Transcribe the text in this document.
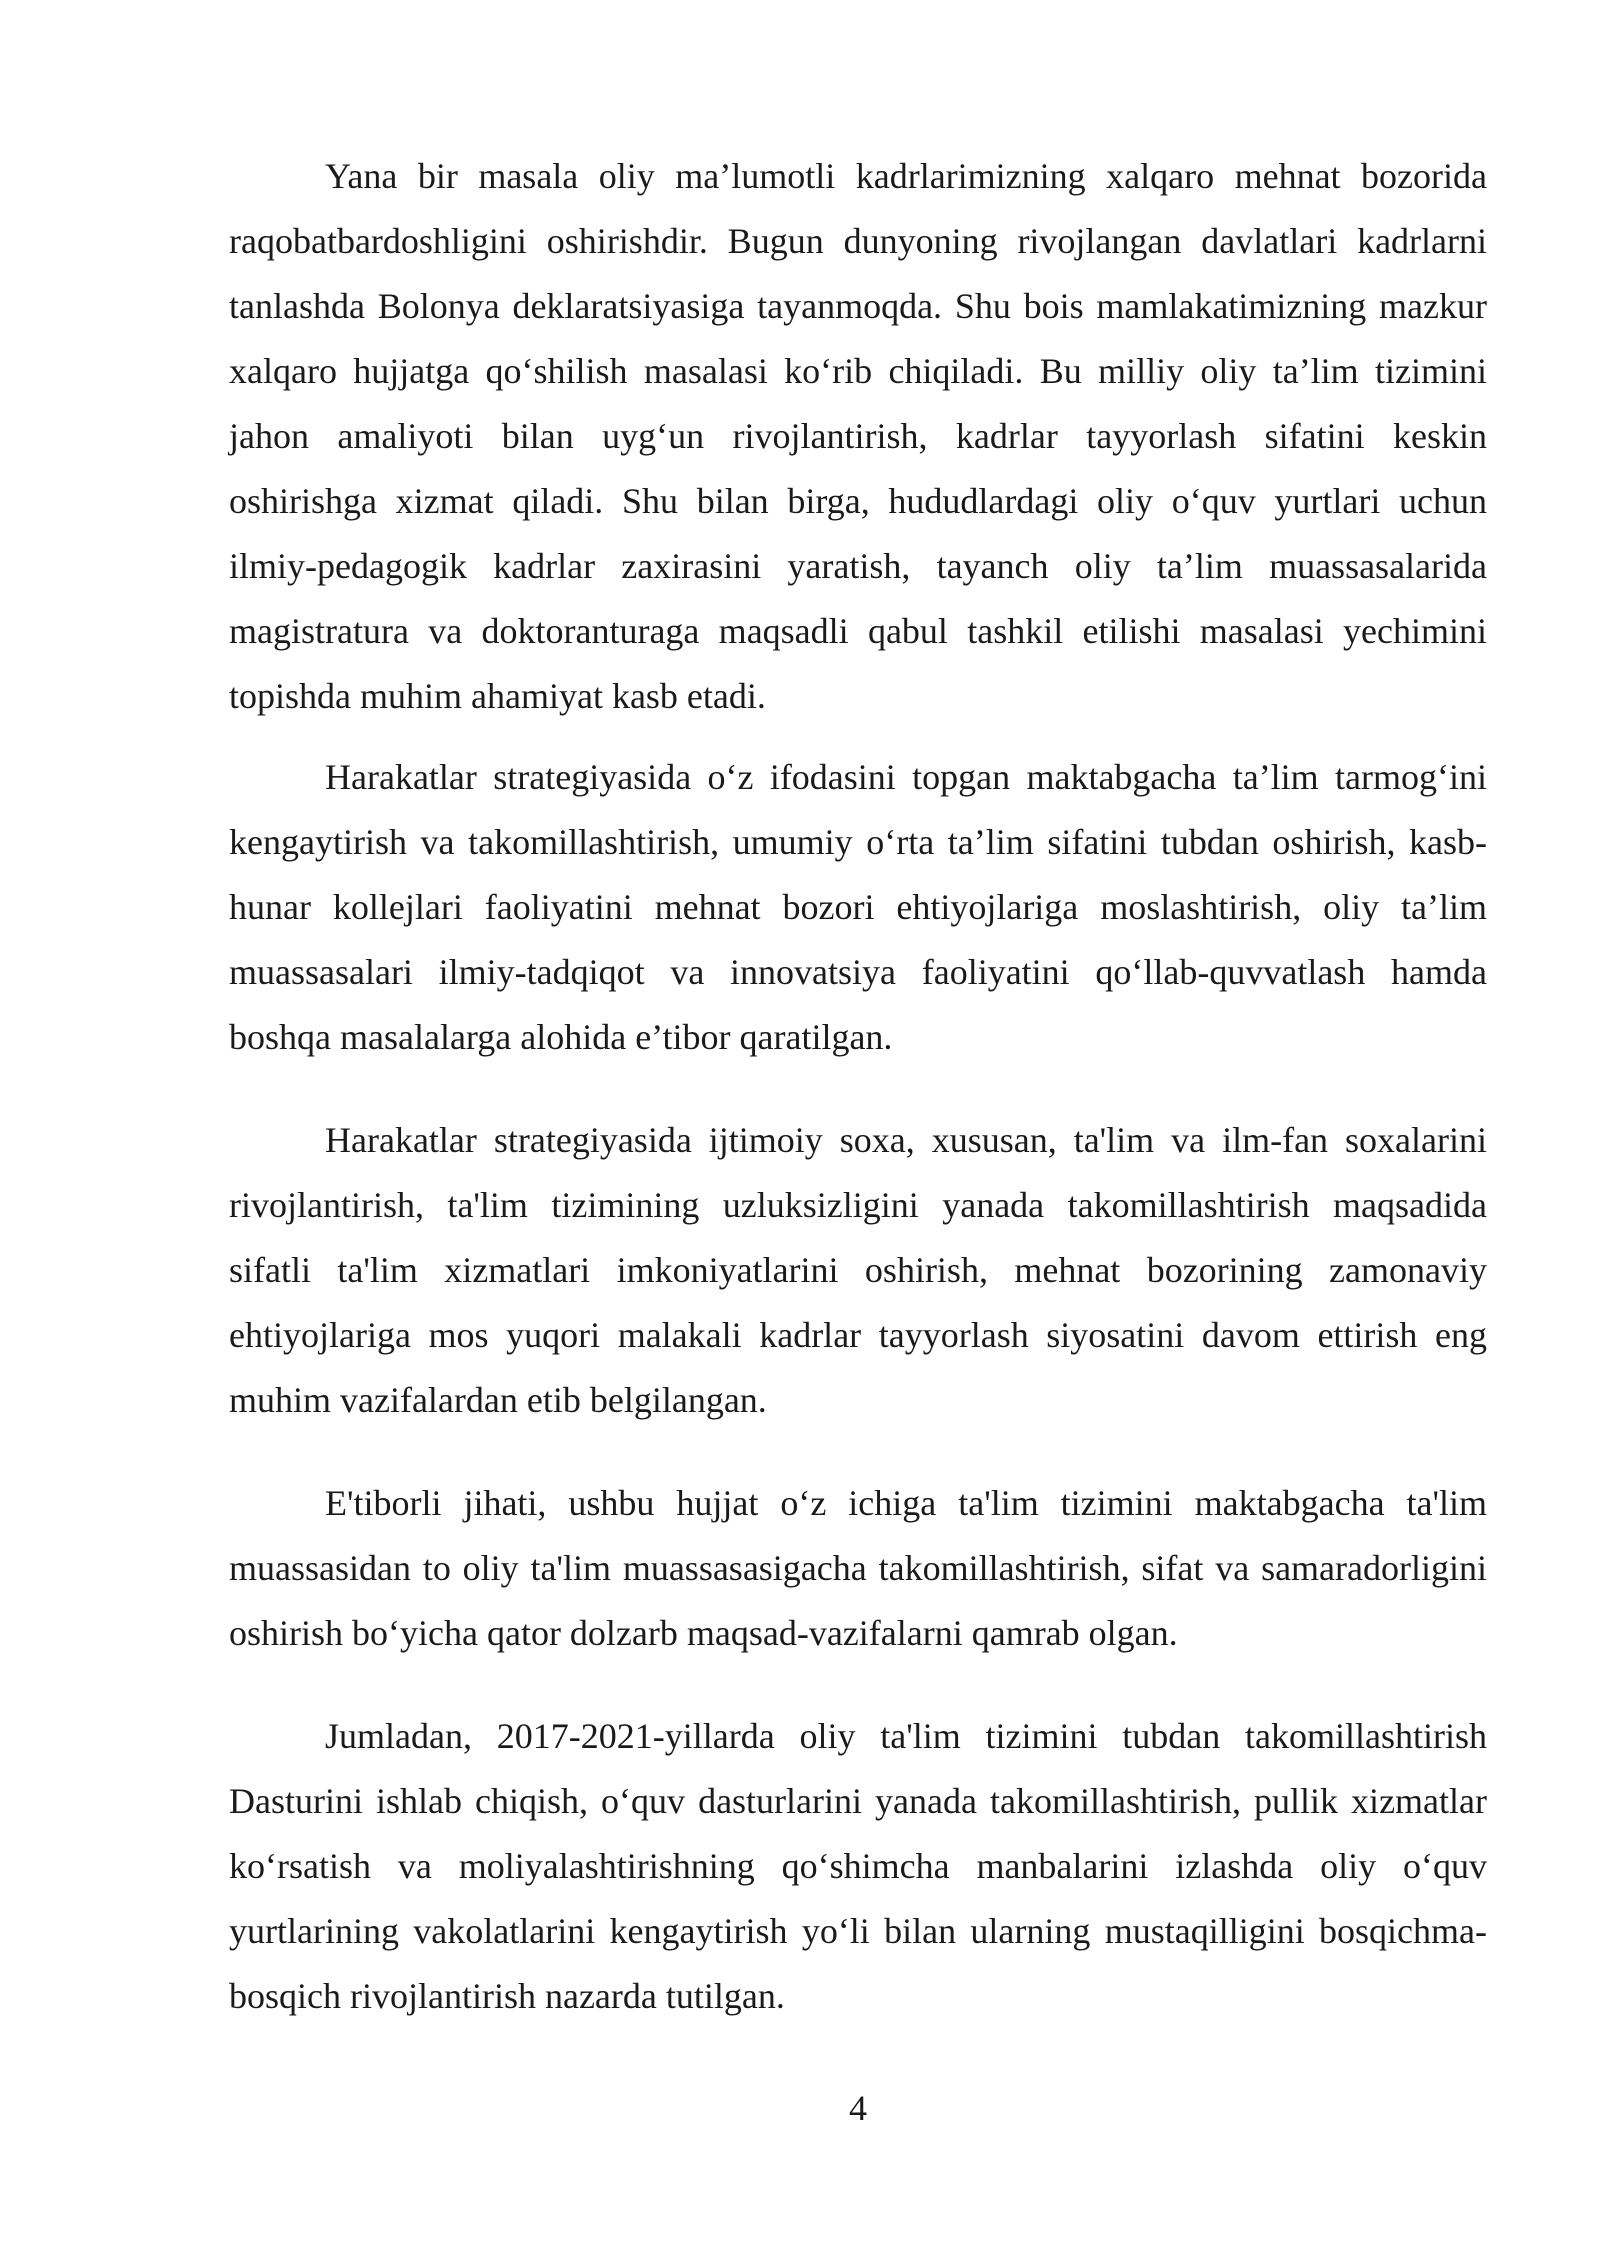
Yana bir masala oliy ma’lumotli kadrlarimizning xalqaro mehnat bozorida raqobatbardoshligini oshirishdir. Bugun dunyoning rivojlangan davlatlari kadrlarni tanlashda Bolonya deklaratsiyasiga tayanmoqda. Shu bois mamlakatimizning mazkur xalqaro hujjatga qo‘shilish masalasi ko‘rib chiqiladi. Bu milliy oliy ta’lim tizimini jahon amaliyoti bilan uyg‘un rivojlantirish, kadrlar tayyorlash sifatini keskin oshirishga xizmat qiladi. Shu bilan birga, hududlardagi oliy o‘quv yurtlari uchun ilmiy-pedagogik kadrlar zaxirasini yaratish, tayanch oliy ta’lim muassasalarida magistratura va doktoranturaga maqsadli qabul tashkil etilishi masalasi yechimini topishda muhim ahamiyat kasb etadi.

Harakatlar strategiyasida o‘z ifodasini topgan maktabgacha ta’lim tarmog‘ini kengaytirish va takomillashtirish, umumiy o‘rta ta’lim sifatini tubdan oshirish, kasb-hunar kollejlari faoliyatini mehnat bozori ehtiyojlariga moslashtirish, oliy ta’lim muassasalari ilmiy-tadqiqot va innovatsiya faoliyatini qo‘llab-quvvatlash hamda boshqa masalalarga alohida e’tibor qaratilgan.

Harakatlar strategiyasida ijtimoiy soxa, xususan, ta'lim va ilm-fan soxalarini rivojlantirish, ta'lim tizimining uzluksizligini yanada takomillashtirish maqsadida sifatli ta'lim xizmatlari imkoniyatlarini oshirish, mehnat bozorining zamonaviy ehtiyojlariga mos yuqori malakali kadrlar tayyorlash siyosatini davom ettirish eng muhim vazifalardan etib belgilangan.

E'tiborli jihati, ushbu hujjat o‘z ichiga ta'lim tizimini maktabgacha ta'lim muassasidan to oliy ta'lim muassasasigacha takomillashtirish, sifat va samaradorligini oshirish bo‘yicha qator dolzarb maqsad-vazifalarni qamrab olgan.

Jumladan, 2017-2021-yillarda oliy ta'lim tizimini tubdan takomillashtirish Dasturini ishlab chiqish, o‘quv dasturlarini yanada takomillashtirish, pullik xizmatlar ko‘rsatish va moliyalashtirishning qo‘shimcha manbalarini izlashda oliy o‘quv yurtlarining vakolatlarini kengaytirish yo‘li bilan ularning mustaqilligini bosqichma-bosqich rivojlantirish nazarda tutilgan.

4
